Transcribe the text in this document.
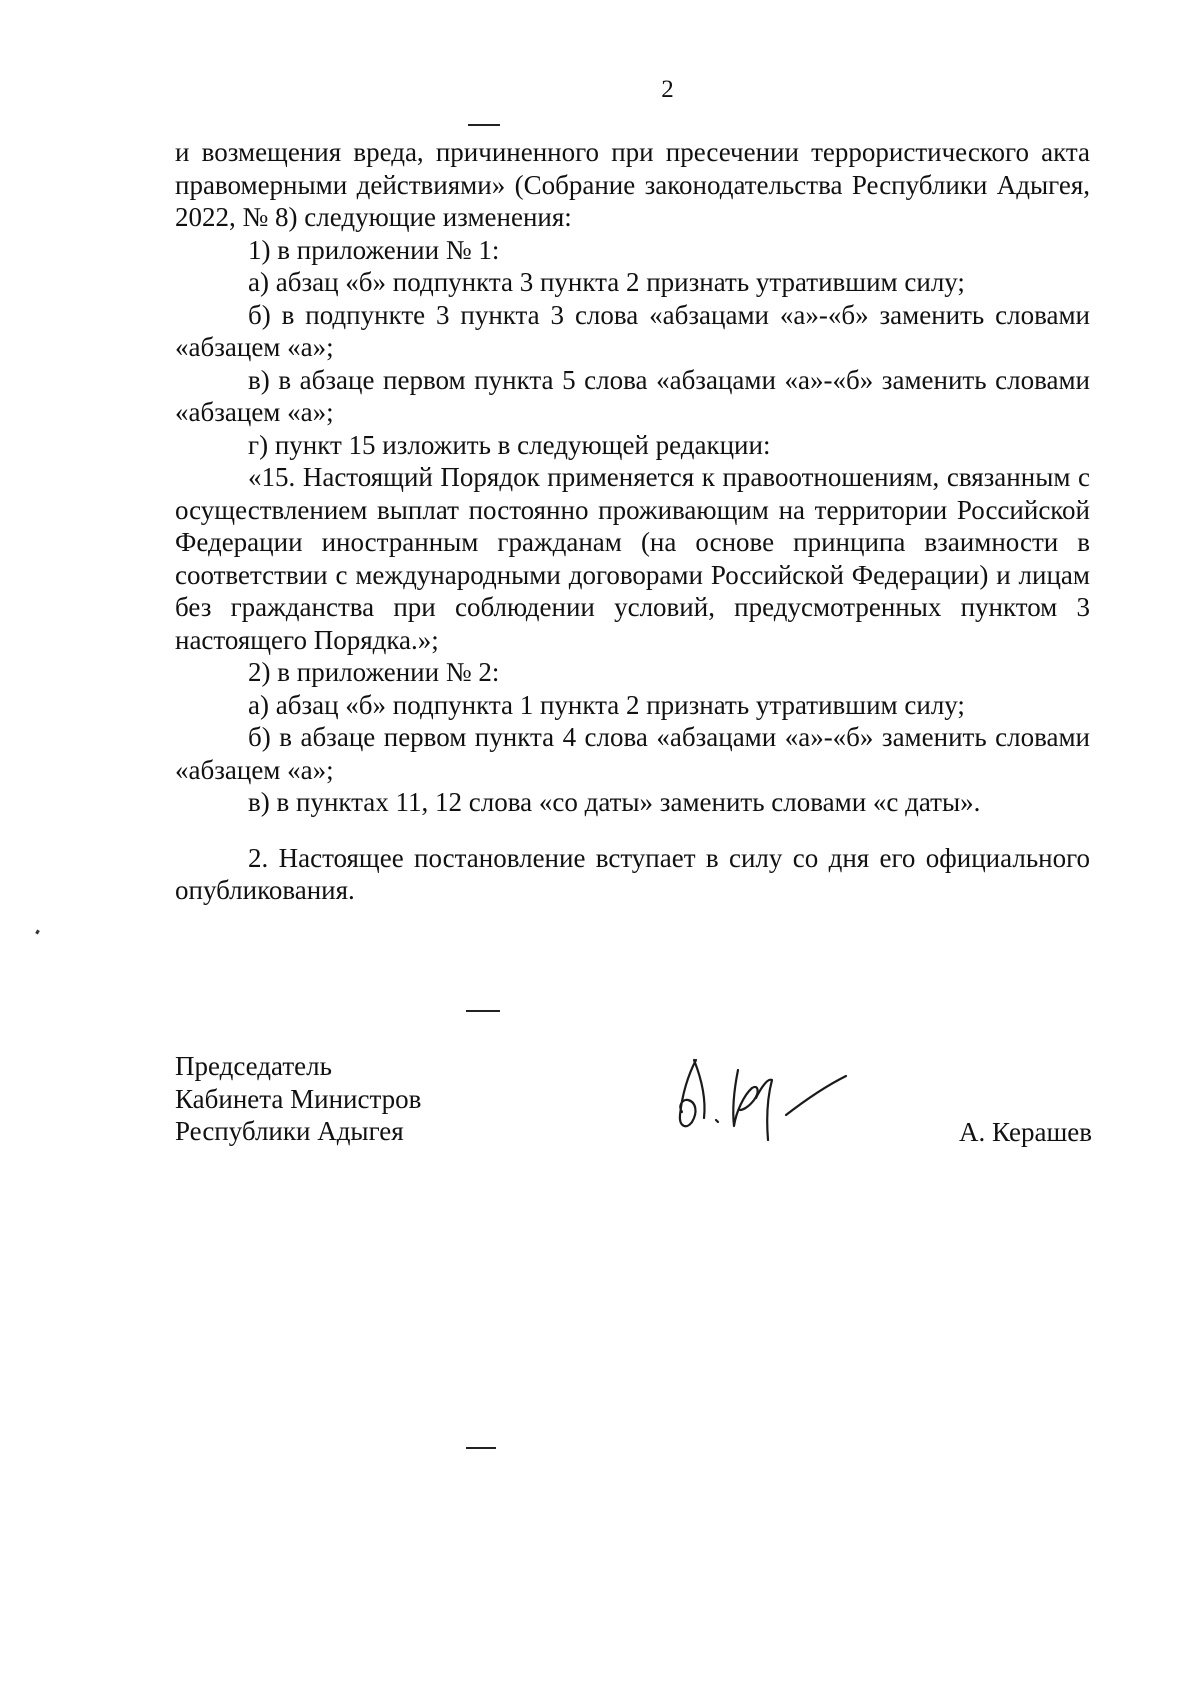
2

и возмещения вреда, причиненного при пресечении террористического акта правомерными действиями» (Собрание законодательства Республики Адыгея, 2022, № 8) следующие изменения:

1) в приложении № 1:

а) абзац «б» подпункта 3 пункта 2 признать утратившим силу;

б) в подпункте 3 пункта 3 слова «абзацами «а»-«б» заменить словами «абзацем «а»;

в) в абзаце первом пункта 5 слова «абзацами «а»-«б» заменить словами «абзацем «а»;

г) пункт 15 изложить в следующей редакции:

«15. Настоящий Порядок применяется к правоотношениям, связанным с осуществлением выплат постоянно проживающим на территории Российской Федерации иностранным гражданам (на основе принципа взаимности в соответствии с международными договорами Российской Федерации) и лицам без гражданства при соблюдении условий, предусмотренных пунктом 3 настоящего Порядка.»;

2) в приложении № 2:

а) абзац «б» подпункта 1 пункта 2 признать утратившим силу;

б) в абзаце первом пункта 4 слова «абзацами «а»-«б» заменить словами «абзацем «а»;

в) в пунктах 11, 12 слова «со даты» заменить словами «с даты».

2. Настоящее постановление вступает в силу со дня его официального опубликования.

Председатель
Кабинета Министров
Республики Адыгея	А. Керашев
